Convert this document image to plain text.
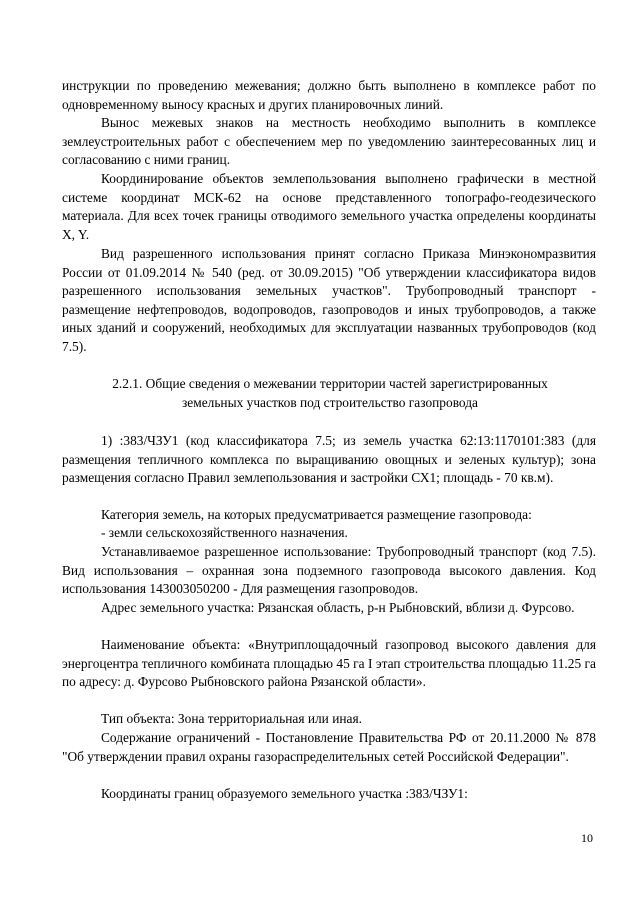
инструкции по проведению межевания; должно быть выполнено в комплексе работ по одновременному выносу красных и других планировочных линий.

Вынос межевых знаков на местность необходимо выполнить в комплексе землеустроительных работ с обеспечением мер по уведомлению заинтересованных лиц и согласованию с ними границ.

Координирование объектов землепользования выполнено графически в местной системе координат МСК-62 на основе представленного топографо-геодезического материала. Для всех точек границы отводимого земельного участка определены координаты X, Y.

Вид разрешенного использования принят согласно Приказа Минэкономразвития России от 01.09.2014 № 540 (ред. от 30.09.2015) "Об утверждении классификатора видов разрешенного использования земельных участков". Трубопроводный транспорт - размещение нефтепроводов, водопроводов, газопроводов и иных трубопроводов, а также иных зданий и сооружений, необходимых для эксплуатации названных трубопроводов (код 7.5).

2.2.1. Общие сведения о межевании территории частей зарегистрированных
земельных участков под строительство газопровода

1) :383/ЧЗУ1 (код классификатора 7.5; из земель участка 62:13:1170101:383 (для размещения тепличного комплекса по выращиванию овощных и зеленых культур); зона размещения согласно Правил землепользования и застройки СХ1; площадь - 70 кв.м).

Категория земель, на которых предусматривается размещение газопровода:

- земли сельскохозяйственного назначения.

Устанавливаемое разрешенное использование: Трубопроводный транспорт (код 7.5). Вид использования – охранная зона подземного газопровода высокого давления. Код использования 143003050200 - Для размещения газопроводов.

Адрес земельного участка: Рязанская область, р-н Рыбновский, вблизи д. Фурсово.

Наименование объекта: «Внутриплощадочный газопровод высокого давления для энергоцентра тепличного комбината площадью 45 га I этап строительства площадью 11.25 га по адресу: д. Фурсово Рыбновского района Рязанской области».

Тип объекта: Зона территориальная или иная.

Содержание ограничений - Постановление Правительства РФ от 20.11.2000 № 878 "Об утверждении правил охраны газораспределительных сетей Российской Федерации".

Координаты границ образуемого земельного участка :383/ЧЗУ1:

10
